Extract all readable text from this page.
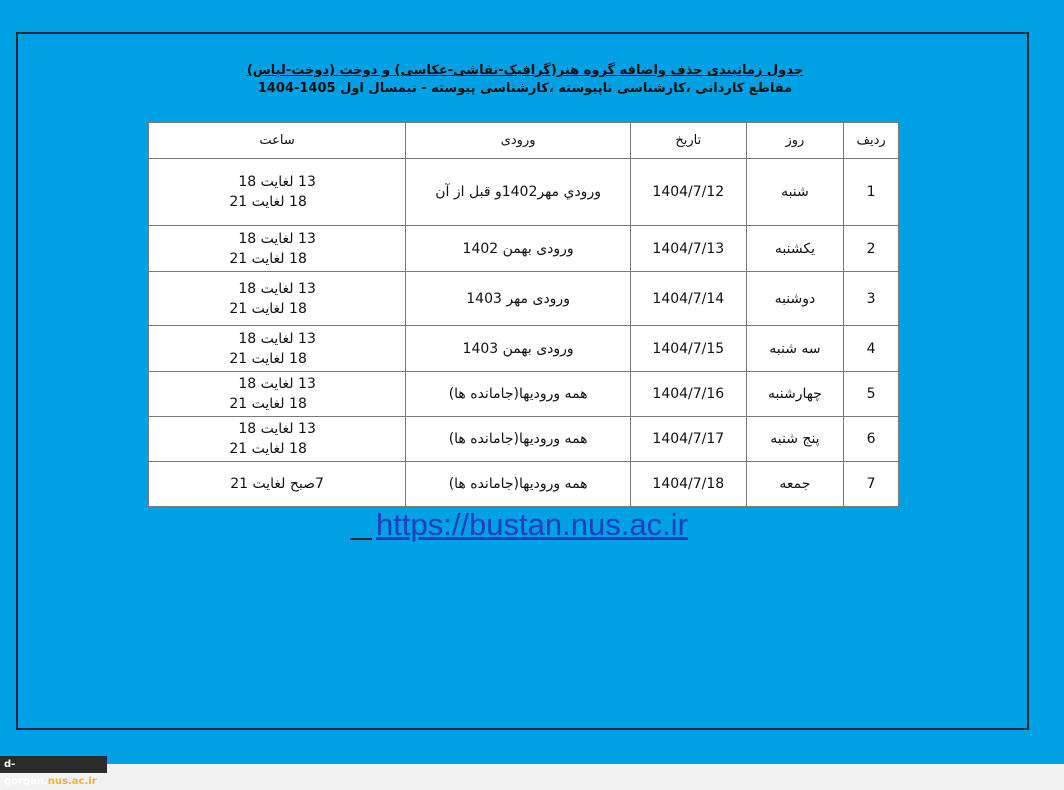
جدول زمانبندی حذف واضافه گروه هنر(گرافیک-نقاشی-عکاسی) و دوخت (دوخت-لباس)
مقاطع کاردانی ،کارشناسی ناپیوسته ،کارشناسی پیوسته - نیمسال اول 1405-1404
ردیف	روز	تاریخ	ورودی	ساعت
1	شنبه	1404/7/12	ورودي مهر1402و قبل از آن	13 لغایت 18
18 لغایت 21

2	یکشنبه	1404/7/13	ورودی بهمن 1402	13 لغایت 18
18 لغایت 21

3	دوشنبه	1404/7/14	ورودی مهر 1403	13 لغایت 18
18 لغایت 21

4	سه شنبه	1404/7/15	ورودی بهمن 1403	13 لغایت 18
18 لغایت 21

5	چهارشنبه	1404/7/16	همه ورودیها(جامانده ها)	13 لغایت 18
18 لغایت 21

6	پنج شنبه	1404/7/17	همه ورودیها(جامانده ها)	13 لغایت 18
18 لغایت 21

7	جمعه	1404/7/18	همه ورودیها(جامانده ها)	7صبح لغایت 21
https://bustan.nus.ac.ir
d-gorgan.nus.ac.ir
